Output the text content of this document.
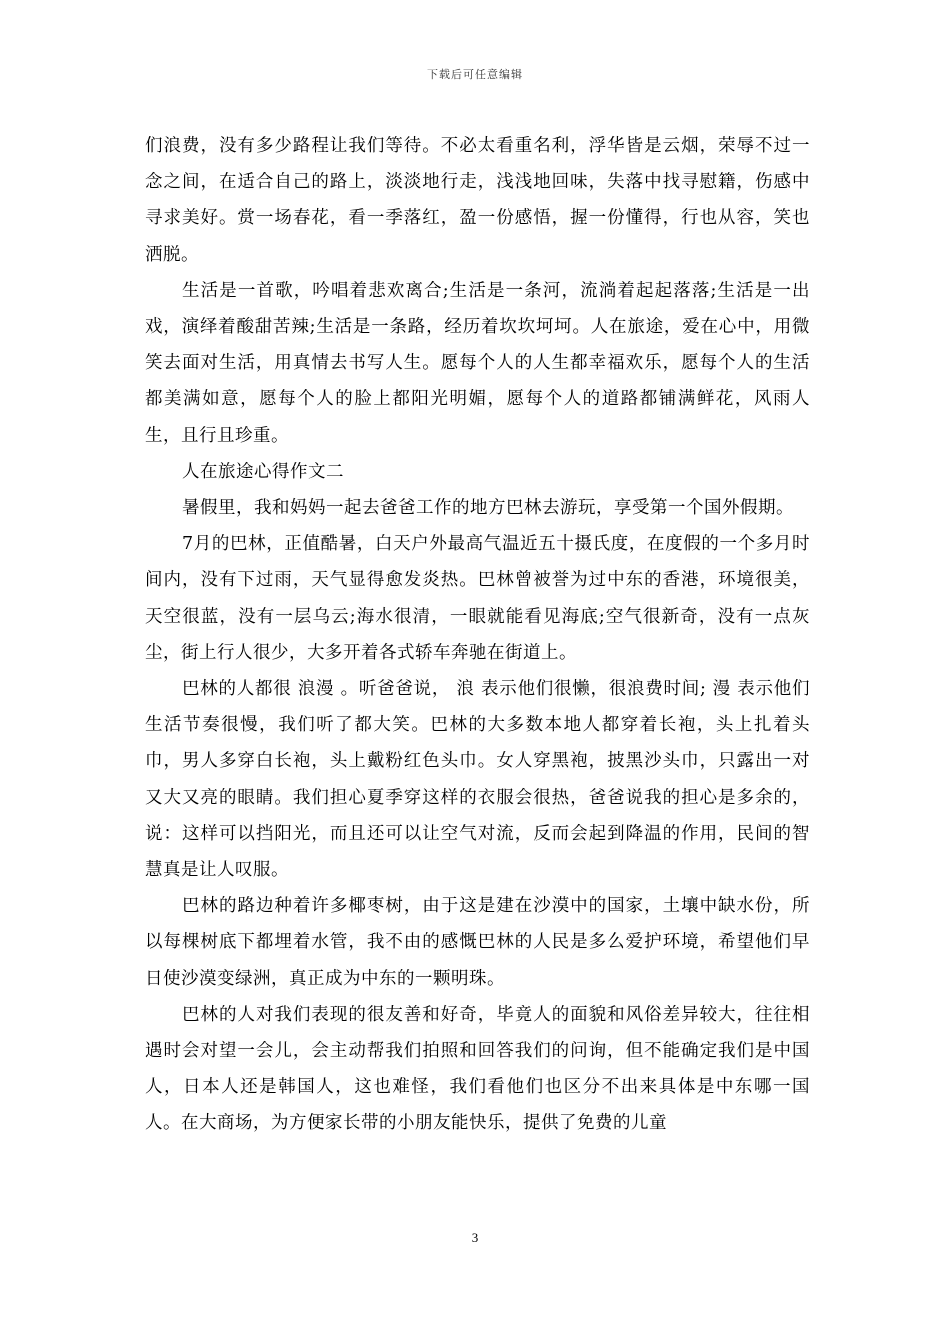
下载后可任意编辑

们浪费，没有多少路程让我们等待。不必太看重名利，浮华皆是云烟，荣辱不过一念之间，在适合自己的路上，淡淡地行走，浅浅地回味，失落中找寻慰籍，伤感中寻求美好。赏一场春花，看一季落红，盈一份感悟，握一份懂得，行也从容，笑也洒脱。

生活是一首歌，吟唱着悲欢离合;生活是一条河，流淌着起起落落;生活是一出戏，演绎着酸甜苦辣;生活是一条路，经历着坎坎坷坷。人在旅途，爱在心中，用微笑去面对生活，用真情去书写人生。愿每个人的人生都幸福欢乐，愿每个人的生活都美满如意，愿每个人的脸上都阳光明媚，愿每个人的道路都铺满鲜花，风雨人生，且行且珍重。

人在旅途心得作文二

暑假里，我和妈妈一起去爸爸工作的地方巴林去游玩，享受第一个国外假期。

7月的巴林，正值酷暑，白天户外最高气温近五十摄氏度，在度假的一个多月时间内，没有下过雨，天气显得愈发炎热。巴林曾被誉为过中东的香港，环境很美，天空很蓝，没有一层乌云;海水很清，一眼就能看见海底;空气很新奇，没有一点灰尘，街上行人很少，大多开着各式轿车奔驰在街道上。

巴林的人都很 浪漫 。听爸爸说， 浪 表示他们很懒，很浪费时间; 漫 表示他们生活节奏很慢，我们听了都大笑。巴林的大多数本地人都穿着长袍，头上扎着头巾，男人多穿白长袍，头上戴粉红色头巾。女人穿黑袍，披黑沙头巾，只露出一对又大又亮的眼睛。我们担心夏季穿这样的衣服会很热，爸爸说我的担心是多余的，说：这样可以挡阳光，而且还可以让空气对流，反而会起到降温的作用，民间的智慧真是让人叹服。

巴林的路边种着许多椰枣树，由于这是建在沙漠中的国家，土壤中缺水份，所以每棵树底下都埋着水管，我不由的感慨巴林的人民是多么爱护环境，希望他们早日使沙漠变绿洲，真正成为中东的一颗明珠。

巴林的人对我们表现的很友善和好奇，毕竟人的面貌和风俗差异较大，往往相遇时会对望一会儿，会主动帮我们拍照和回答我们的问询，但不能确定我们是中国人，日本人还是韩国人，这也难怪，我们看他们也区分不出来具体是中东哪一国人。在大商场，为方便家长带的小朋友能快乐，提供了免费的儿童

3
